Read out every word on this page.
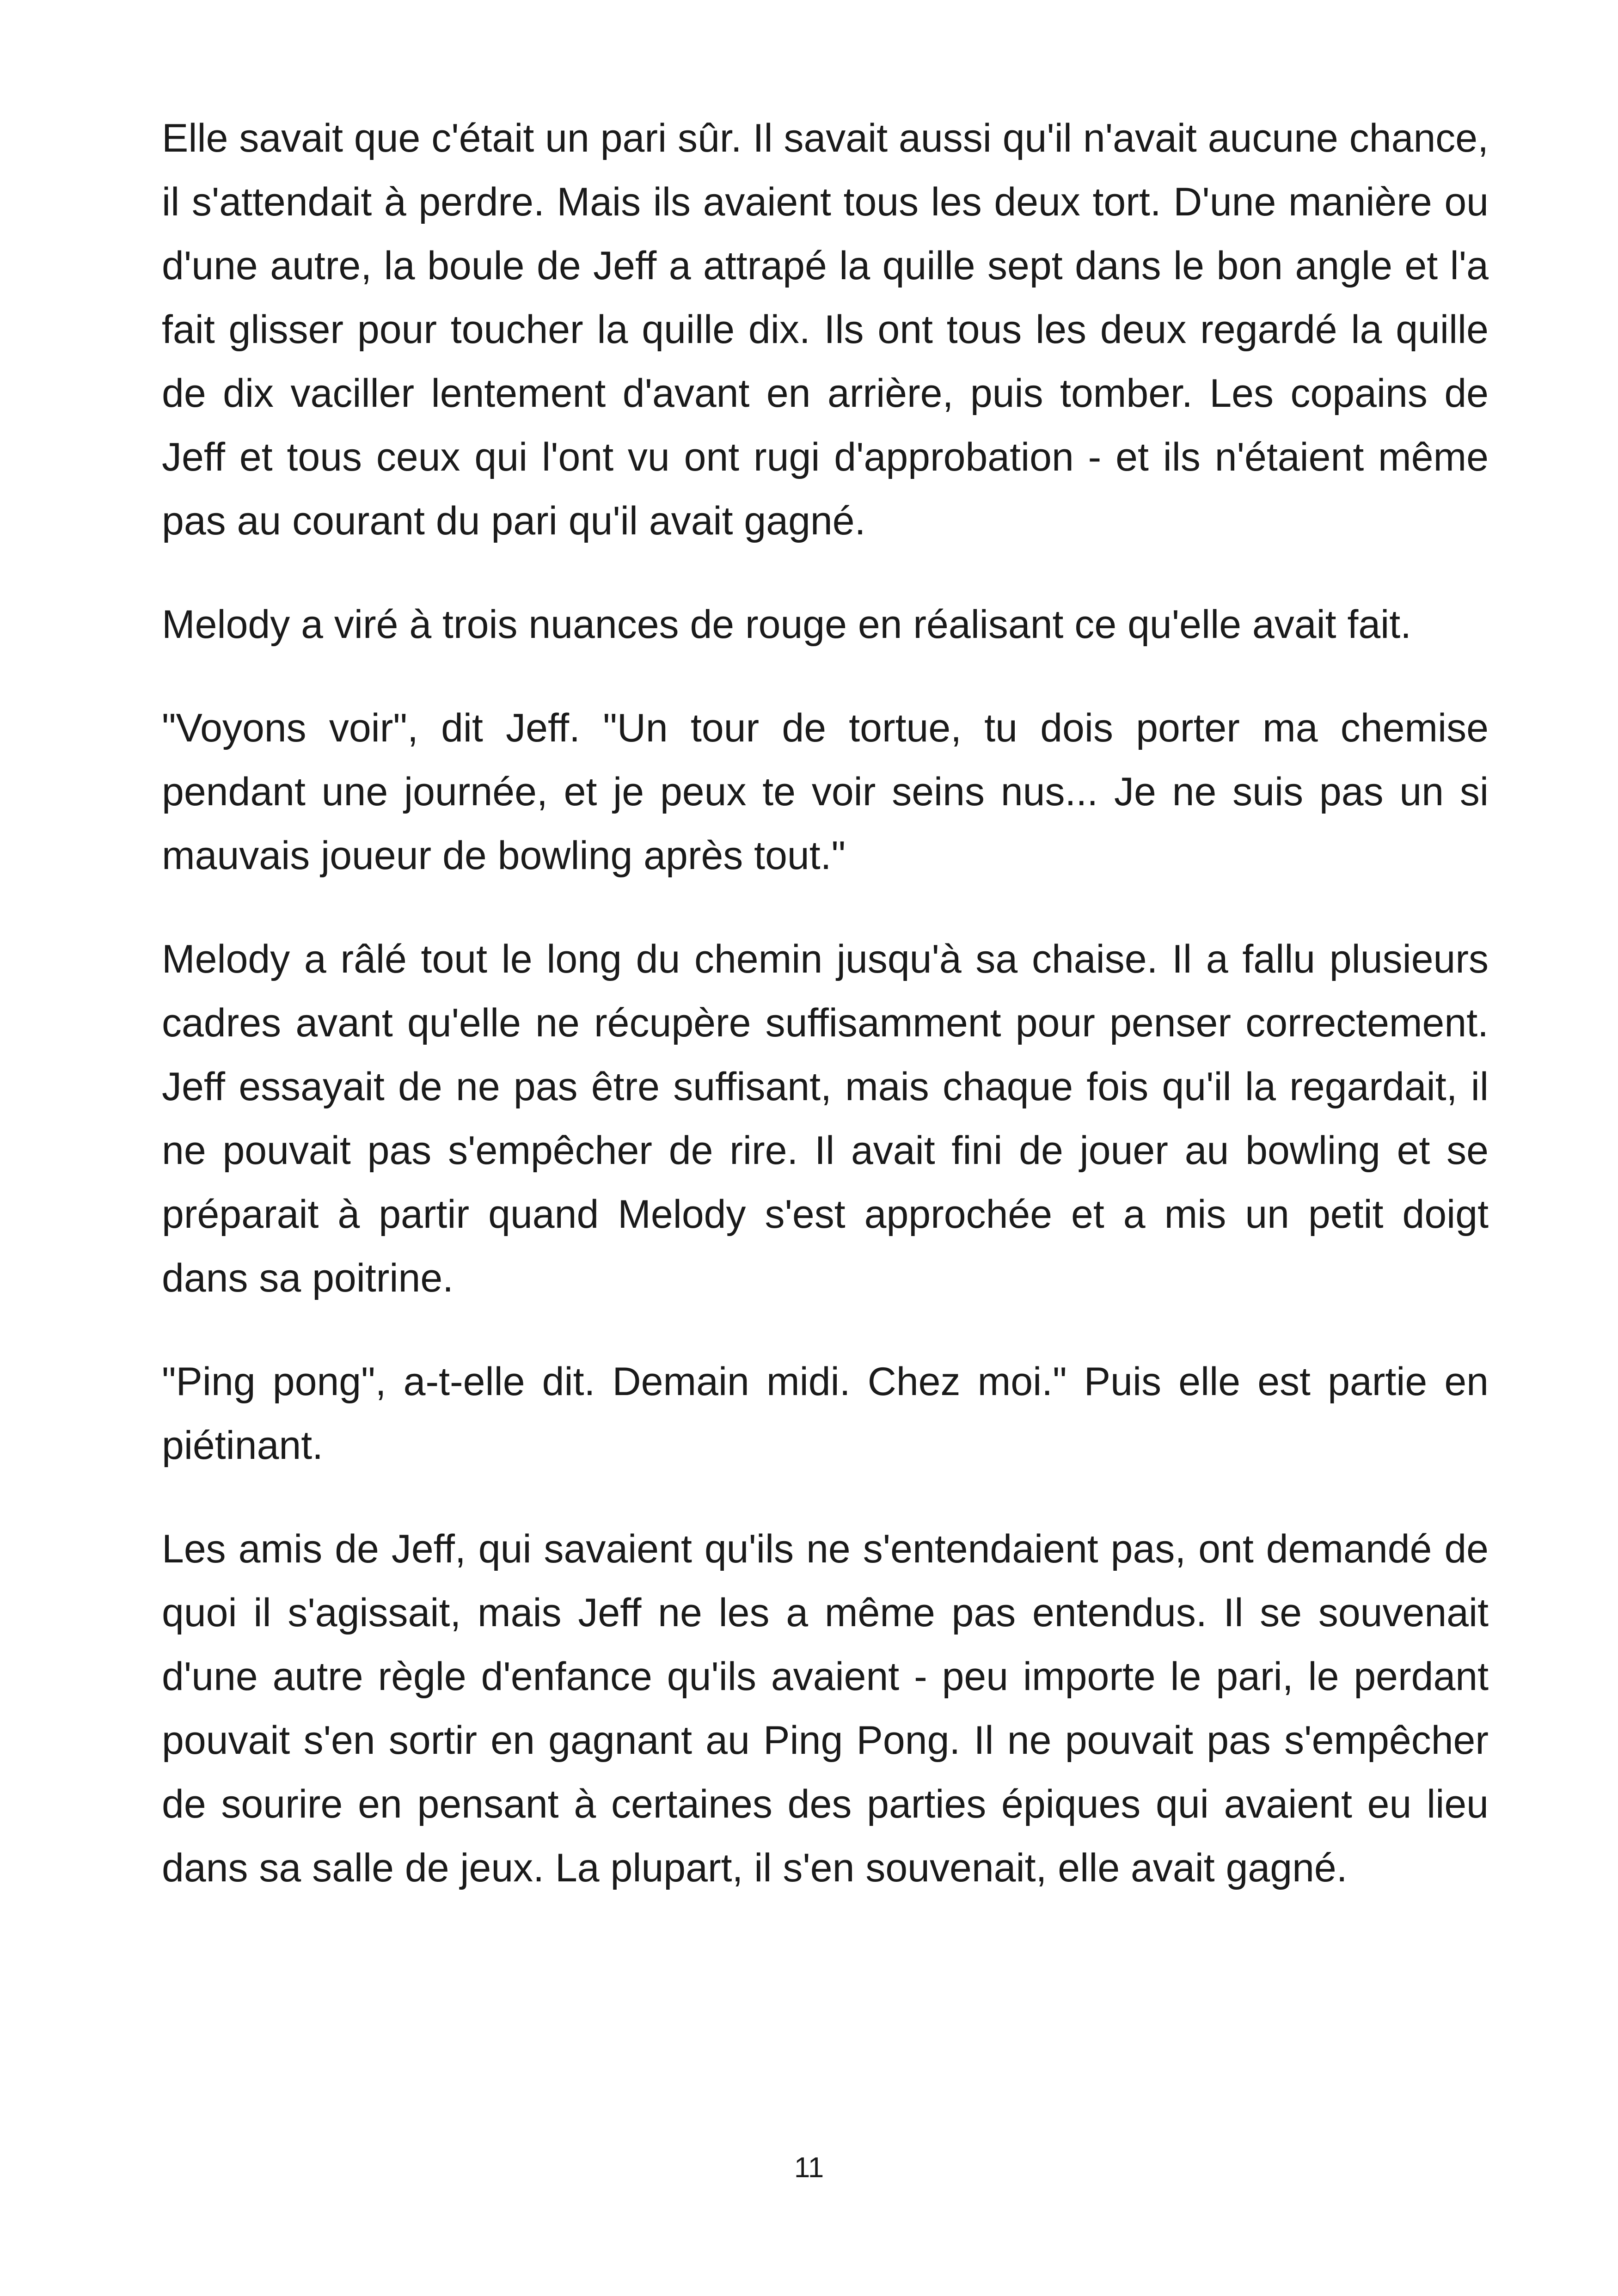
Elle savait que c'était un pari sûr. Il savait aussi qu'il n'avait aucune chance, il s'attendait à perdre. Mais ils avaient tous les deux tort. D'une manière ou d'une autre, la boule de Jeff a attrapé la quille sept dans le bon angle et l'a fait glisser pour toucher la quille dix. Ils ont tous les deux regardé la quille de dix vaciller lentement d'avant en arrière, puis tomber. Les copains de Jeff et tous ceux qui l'ont vu ont rugi d'approbation - et ils n'étaient même pas au courant du pari qu'il avait gagné.

Melody a viré à trois nuances de rouge en réalisant ce qu'elle avait fait.

"Voyons voir", dit Jeff. "Un tour de tortue, tu dois porter ma chemise pendant une journée, et je peux te voir seins nus... Je ne suis pas un si mauvais joueur de bowling après tout."

Melody a râlé tout le long du chemin jusqu'à sa chaise. Il a fallu plusieurs cadres avant qu'elle ne récupère suffisamment pour penser correctement. Jeff essayait de ne pas être suffisant, mais chaque fois qu'il la regardait, il ne pouvait pas s'empêcher de rire. Il avait fini de jouer au bowling et se préparait à partir quand Melody s'est approchée et a mis un petit doigt dans sa poitrine.

"Ping pong", a-t-elle dit. Demain midi. Chez moi." Puis elle est partie en piétinant.

Les amis de Jeff, qui savaient qu'ils ne s'entendaient pas, ont demandé de quoi il s'agissait, mais Jeff ne les a même pas entendus. Il se souvenait d'une autre règle d'enfance qu'ils avaient - peu importe le pari, le perdant pouvait s'en sortir en gagnant au Ping Pong. Il ne pouvait pas s'empêcher de sourire en pensant à certaines des parties épiques qui avaient eu lieu dans sa salle de jeux. La plupart, il s'en souvenait, elle avait gagné.

11
